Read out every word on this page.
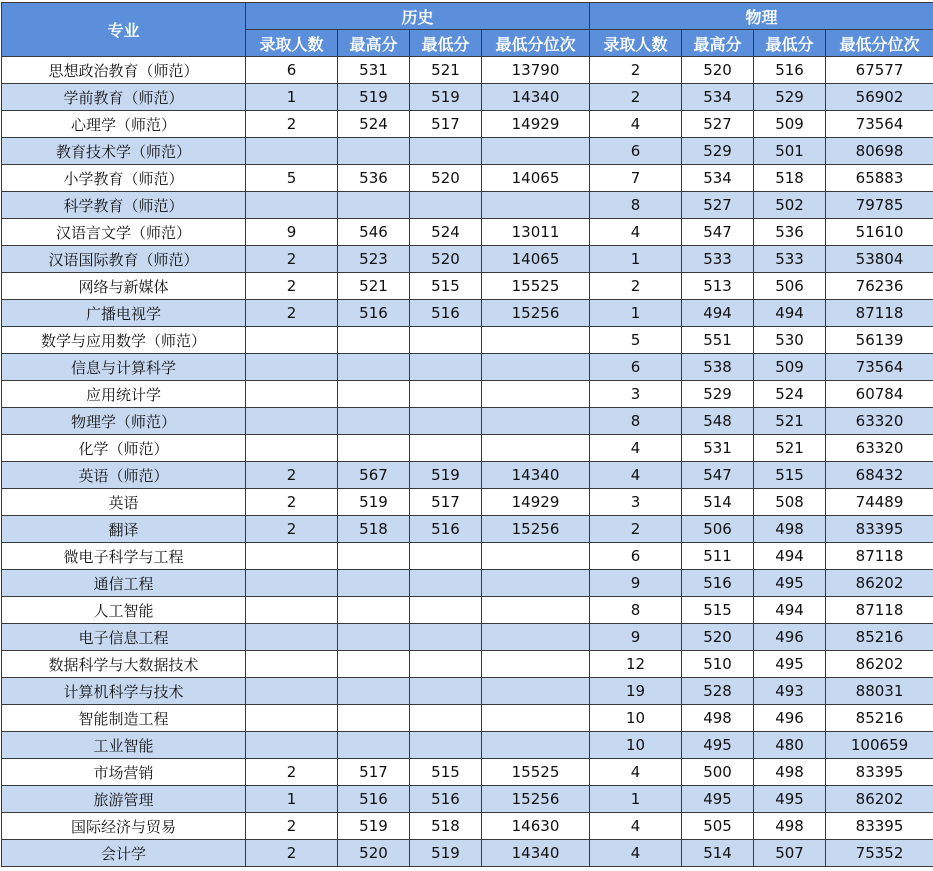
专业	历史				物理			
	录取人数	最高分	最低分	最低分位次	录取人数	最高分	最低分	最低分位次
思想政治教育（师范）	6	531	521	13790	2	520	516	67577
学前教育（师范）	1	519	519	14340	2	534	529	56902
心理学（师范）	2	524	517	14929	4	527	509	73564
教育技术学（师范）					6	529	501	80698
小学教育（师范）	5	536	520	14065	7	534	518	65883
科学教育（师范）					8	527	502	79785
汉语言文学（师范）	9	546	524	13011	4	547	536	51610
汉语国际教育（师范）	2	523	520	14065	1	533	533	53804
网络与新媒体	2	521	515	15525	2	513	506	76236
广播电视学	2	516	516	15256	1	494	494	87118
数学与应用数学（师范）					5	551	530	56139
信息与计算科学					6	538	509	73564
应用统计学					3	529	524	60784
物理学（师范）					8	548	521	63320
化学（师范）					4	531	521	63320
英语（师范）	2	567	519	14340	4	547	515	68432
英语	2	519	517	14929	3	514	508	74489
翻译	2	518	516	15256	2	506	498	83395
微电子科学与工程					6	511	494	87118
通信工程					9	516	495	86202
人工智能					8	515	494	87118
电子信息工程					9	520	496	85216
数据科学与大数据技术					12	510	495	86202
计算机科学与技术					19	528	493	88031
智能制造工程					10	498	496	85216
工业智能					10	495	480	100659
市场营销	2	517	515	15525	4	500	498	83395
旅游管理	1	516	516	15256	1	495	495	86202
国际经济与贸易	2	519	518	14630	4	505	498	83395
会计学	2	520	519	14340	4	514	507	75352
